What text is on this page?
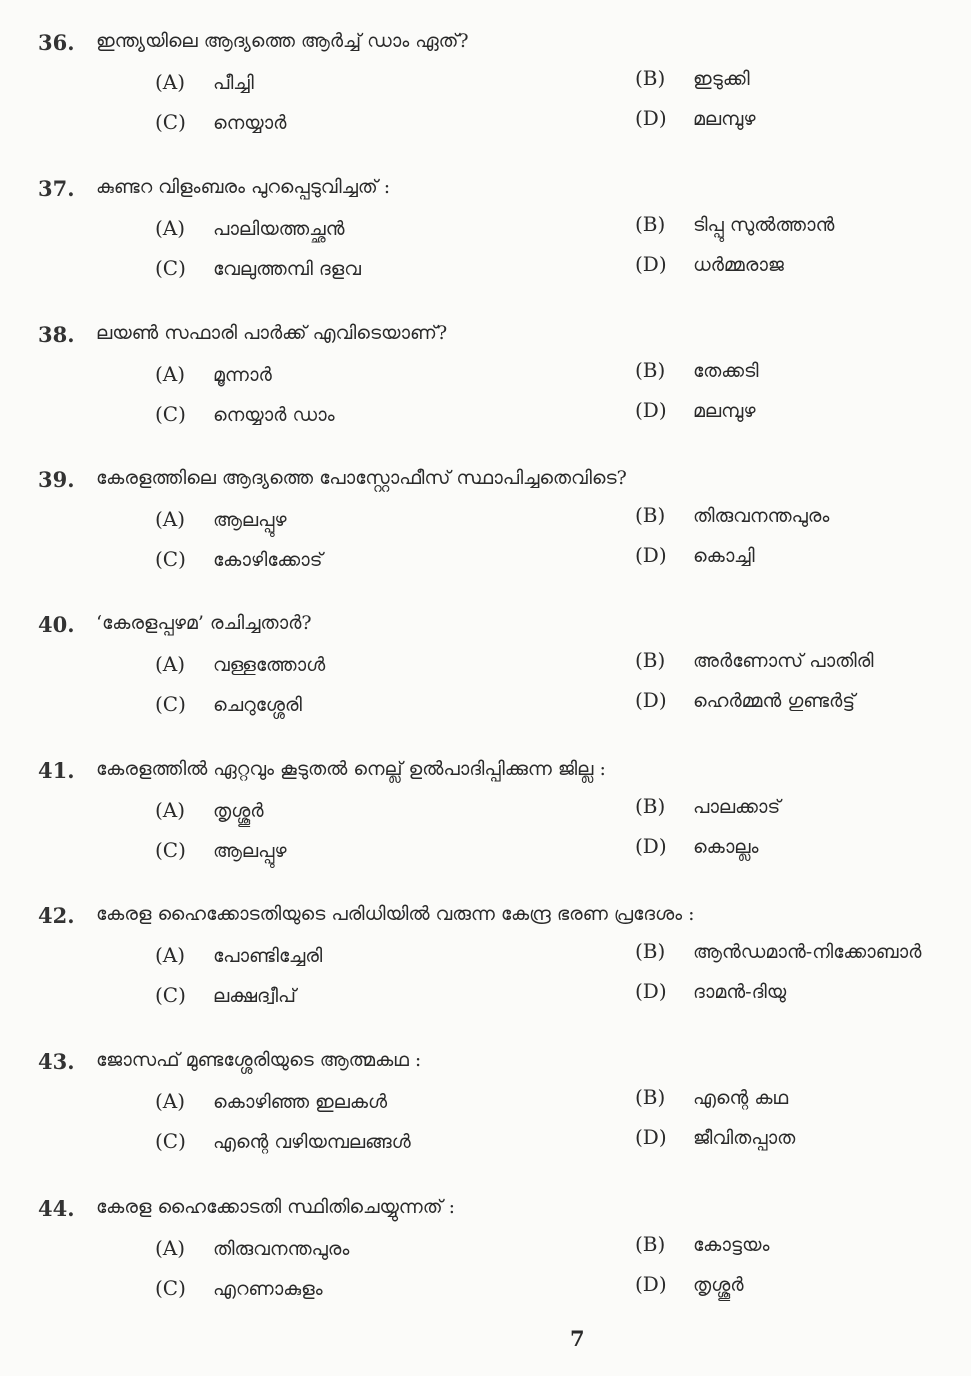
36. ഇന്ത്യയിലെ ആദ്യത്തെ ആർച്ച് ഡാം ഏത്?
(A) പീച്ചി	(B) ഇടുക്കി
(C) നെയ്യാർ	(D) മലമ്പുഴ
37. കുണ്ടറ വിളംബരം പുറപ്പെടുവിച്ചത് :
(A) പാലിയത്തച്ഛൻ	(B) ടിപ്പു സുൽത്താൻ
(C) വേലുത്തമ്പി ദളവ	(D) ധർമ്മരാജ
38. ലയൺ സഫാരി പാർക്ക് എവിടെയാണ്?
(A) മൂന്നാർ	(B) തേക്കടി
(C) നെയ്യാർ ഡാം	(D) മലമ്പുഴ
39. കേരളത്തിലെ ആദ്യത്തെ പോസ്റ്റോഫീസ് സ്ഥാപിച്ചതെവിടെ?
(A) ആലപ്പുഴ	(B) തിരുവനന്തപുരം
(C) കോഴിക്കോട്	(D) കൊച്ചി
40. ‘കേരളപ്പഴമ’ രചിച്ചതാർ?
(A) വള്ളത്തോൾ	(B) അർണോസ് പാതിരി
(C) ചെറുശ്ശേരി	(D) ഹെർമ്മൻ ഗുണ്ടർട്ട്
41. കേരളത്തിൽ ഏറ്റവും കൂടുതൽ നെല്ല് ഉൽപാദിപ്പിക്കുന്ന ജില്ല :
(A) തൃശ്ശൂർ	(B) പാലക്കാട്
(C) ആലപ്പുഴ	(D) കൊല്ലം
42. കേരള ഹൈക്കോടതിയുടെ പരിധിയിൽ വരുന്ന കേന്ദ്ര ഭരണ പ്രദേശം :
(A) പോണ്ടിച്ചേരി	(B) ആൻഡമാൻ-നിക്കോബാർ
(C) ലക്ഷദ്വീപ്	(D) ദാമൻ-ദിയു
43. ജോസഫ് മുണ്ടശ്ശേരിയുടെ ആത്മകഥ :
(A) കൊഴിഞ്ഞ ഇലകൾ	(B) എന്റെ കഥ
(C) എന്റെ വഴിയമ്പലങ്ങൾ	(D) ജീവിതപ്പാത
44. കേരള ഹൈക്കോടതി സ്ഥിതിചെയ്യുന്നത് :
(A) തിരുവനന്തപുരം	(B) കോട്ടയം
(C) എറണാകുളം	(D) തൃശ്ശൂർ
7
